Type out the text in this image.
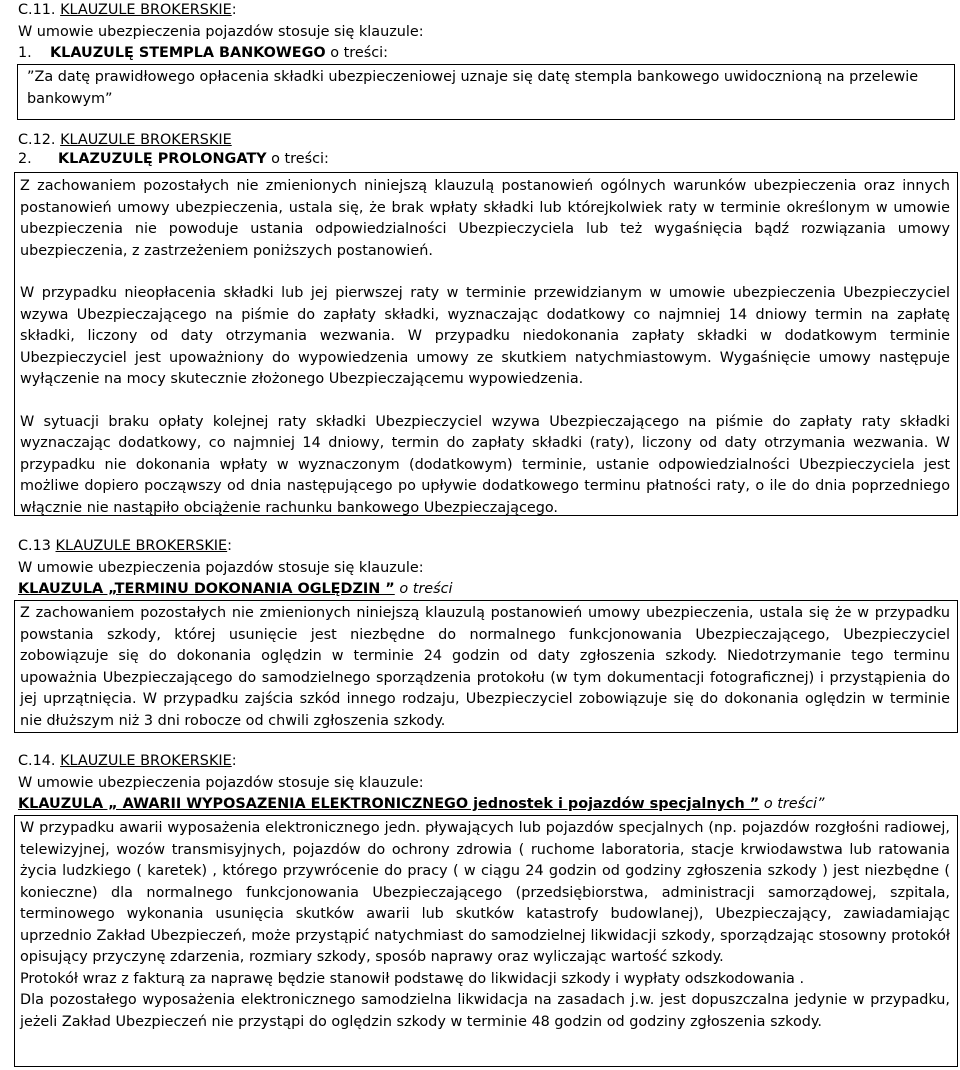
C.11. KLAUZULE BROKERSKIE:
W umowie ubezpieczenia pojazdów stosuje się klauzule:
1. KLAUZULĘ STEMPLA BANKOWEGO o treści:
”Za datę prawidłowego opłacenia składki ubezpieczeniowej uznaje się datę stempla bankowego uwidocznioną na przelewie bankowym”
C.12. KLAUZULE BROKERSKIE
2. KLAZUZULĘ PROLONGATY o treści:
Z zachowaniem pozostałych nie zmienionych niniejszą klauzulą postanowień ogólnych warunków ubezpieczenia oraz innych postanowień umowy ubezpieczenia, ustala się, że brak wpłaty składki lub którejkolwiek raty w terminie określonym w umowie ubezpieczenia nie powoduje ustania odpowiedzialności Ubezpieczyciela lub też wygaśnięcia bądź rozwiązania umowy ubezpieczenia, z zastrzeżeniem poniższych postanowień.
W przypadku nieopłacenia składki lub jej pierwszej raty w terminie przewidzianym w umowie ubezpieczenia Ubezpieczyciel wzywa Ubezpieczającego na piśmie do zapłaty składki, wyznaczając dodatkowy co najmniej 14 dniowy termin na zapłatę składki, liczony od daty otrzymania wezwania. W przypadku niedokonania zapłaty składki w dodatkowym terminie Ubezpieczyciel jest upoważniony do wypowiedzenia umowy ze skutkiem natychmiastowym. Wygaśnięcie umowy następuje wyłączenie na mocy skutecznie złożonego Ubezpieczającemu wypowiedzenia.
W sytuacji braku opłaty kolejnej raty składki Ubezpieczyciel wzywa Ubezpieczającego na piśmie do zapłaty raty składki wyznaczając dodatkowy, co najmniej 14 dniowy, termin do zapłaty składki (raty), liczony od daty otrzymania wezwania. W przypadku nie dokonania wpłaty w wyznaczonym (dodatkowym) terminie, ustanie odpowiedzialności Ubezpieczyciela jest możliwe dopiero począwszy od dnia następującego po upływie dodatkowego terminu płatności raty, o ile do dnia poprzedniego włącznie nie nastąpiło obciążenie rachunku bankowego Ubezpieczającego.
C.13 KLAUZULE BROKERSKIE:
W umowie ubezpieczenia pojazdów stosuje się klauzule:
KLAUZULA „TERMINU DOKONANIA OGLĘDZIN ” o treści
Z zachowaniem pozostałych nie zmienionych niniejszą klauzulą postanowień umowy ubezpieczenia, ustala się że w przypadku powstania szkody, której usunięcie jest niezbędne do normalnego funkcjonowania Ubezpieczającego, Ubezpieczyciel zobowiązuje się do dokonania oględzin w terminie 24 godzin od daty zgłoszenia szkody. Niedotrzymanie tego terminu upoważnia Ubezpieczającego do samodzielnego sporządzenia protokołu (w tym dokumentacji fotograficznej) i przystąpienia do jej uprzątnięcia. W przypadku zajścia szkód innego rodzaju, Ubezpieczyciel zobowiązuje się do dokonania oględzin w terminie nie dłuższym niż 3 dni robocze od chwili zgłoszenia szkody.
C.14. KLAUZULE BROKERSKIE:
W umowie ubezpieczenia pojazdów stosuje się klauzule:
KLAUZULA „ AWARII WYPOSAZENIA ELEKTRONICZNEGO jednostek i pojazdów specjalnych ” o treści”
W przypadku awarii wyposażenia elektronicznego jedn. pływających lub pojazdów specjalnych (np. pojazdów rozgłośni radiowej, telewizyjnej, wozów transmisyjnych, pojazdów do ochrony zdrowia ( ruchome laboratoria, stacje krwiodawstwa lub ratowania życia ludzkiego ( karetek) , którego przywrócenie do pracy ( w ciągu 24 godzin od godziny zgłoszenia szkody ) jest niezbędne ( konieczne) dla normalnego funkcjonowania Ubezpieczającego (przedsiębiorstwa, administracji samorządowej, szpitala, terminowego wykonania usunięcia skutków awarii lub skutków katastrofy budowlanej), Ubezpieczający, zawiadamiając uprzednio Zakład Ubezpieczeń, może przystąpić natychmiast do samodzielnej likwidacji szkody, sporządzając stosowny protokół opisujący przyczynę zdarzenia, rozmiary szkody, sposób naprawy oraz wyliczając wartość szkody.
Protokół wraz z fakturą za naprawę będzie stanowił podstawę do likwidacji szkody i wypłaty odszkodowania .
Dla pozostałego wyposażenia elektronicznego samodzielna likwidacja na zasadach j.w. jest dopuszczalna jedynie w przypadku, jeżeli Zakład Ubezpieczeń nie przystąpi do oględzin szkody w terminie 48 godzin od godziny zgłoszenia szkody.
